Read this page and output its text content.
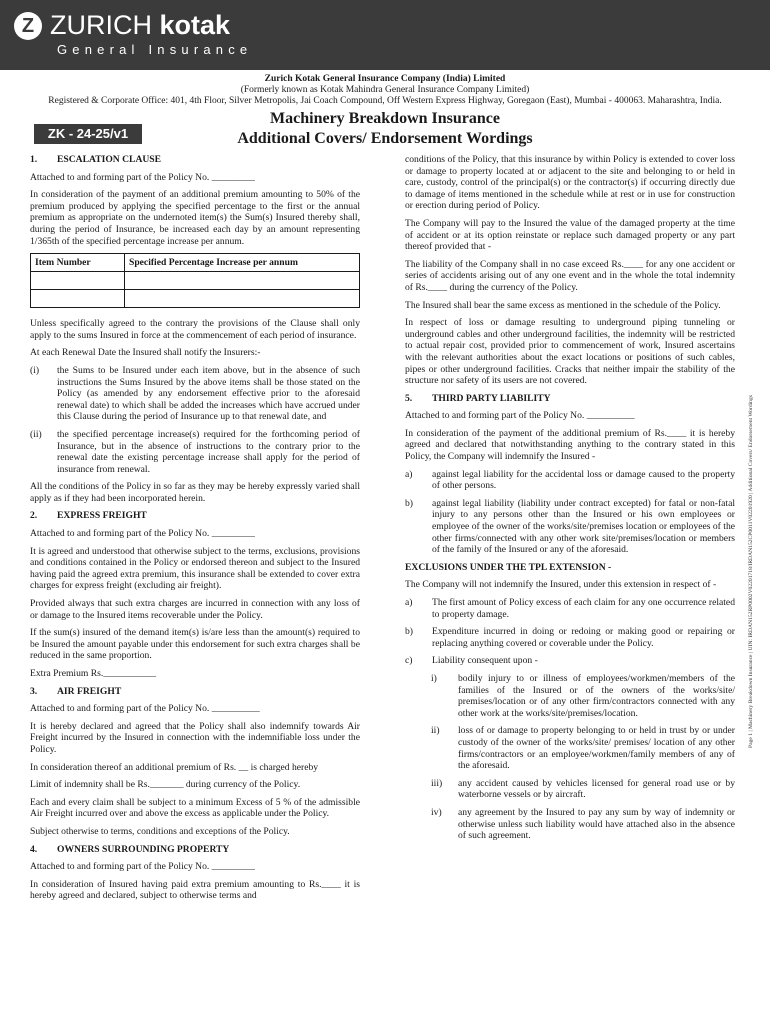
Z ZURICH kotak
General Insurance
Zurich Kotak General Insurance Company (India) Limited
(Formerly known as Kotak Mahindra General Insurance Company Limited)
Registered & Corporate Office: 401, 4th Floor, Silver Metropolis, Jai Coach Compound, Off Western Express Highway, Goregaon (East), Mumbai - 400063. Maharashtra, India.
Machinery Breakdown Insurance
Additional Covers/ Endorsement Wordings
ZK - 24-25/v1
1. ESCALATION CLAUSE

Attached to and forming part of the Policy No. _________

In consideration of the payment of an additional premium amounting to 50% of the premium produced by applying the specified percentage to the first or the annual premium as appropriate on the undernoted item(s) the Sum(s) Insured thereby shall, during the period of Insurance, be increased each day by an amount representing 1/365th of the specified percentage increase per annum.

Item Number	Specified Percentage Increase per annum

Unless specifically agreed to the contrary the provisions of the Clause shall only apply to the sums Insured in force at the commencement of each period of insurance.

At each Renewal Date the Insured shall notify the Insurers:-

(i)	the Sums to be Insured under each item above, but in the absence of such instructions the Sums Insured by the above items shall be those stated on the Policy (as amended by any endorsement effective prior to the aforesaid renewal date) to which shall be added the increases which have accrued under this Clause during the period of Insurance up to that renewal date, and
(ii)	the specified percentage increase(s) required for the forthcoming period of Insurance, but in the absence of instructions to the contrary prior to the renewal date the existing percentage increase shall apply for the period of insurance from renewal.

All the conditions of the Policy in so far as they may be hereby expressly varied shall apply as if they had been incorporated herein.

2. EXPRESS FREIGHT

Attached to and forming part of the Policy No. _________

It is agreed and understood that otherwise subject to the terms, exclusions, provisions and conditions contained in the Policy or endorsed thereon and subject to the Insured having paid the agreed extra premium, this insurance shall be extended to cover extra charges for express freight (excluding air freight).

Provided always that such extra charges are incurred in connection with any loss of or damage to the Insured items recoverable under the Policy.

If the sum(s) insured of the demand item(s) is/are less than the amount(s) required to be Insured the amount payable under this endorsement for such extra charges shall be reduced in the same proportion.

Extra Premium Rs.___________

3. AIR FREIGHT

Attached to and forming part of the Policy No. __________

It is hereby declared and agreed that the Policy shall also indemnify towards Air Freight incurred by the Insured in connection with the indemnifiable loss under the Policy.

In consideration thereof an additional premium of Rs. __ is charged hereby

Limit of indemnity shall be Rs._______ during currency of the Policy.

Each and every claim shall be subject to a minimum Excess of 5 % of the admissible Air Freight incurred over and above the excess as applicable under the Policy.

Subject otherwise to terms, conditions and exceptions of the Policy.

4. OWNERS SURROUNDING PROPERTY

Attached to and forming part of the Policy No. _________

In consideration of Insured having paid extra premium amounting to Rs.____ it is hereby agreed and declared, subject to otherwise terms and

conditions of the Policy, that this insurance by within Policy is extended to cover loss or damage to property located at or adjacent to the site and belonging to or held in care, custody, control of the principal(s) or the contractor(s) if occurring directly due to damage of items mentioned in the schedule while at rest or in use for construction or erection during period of Policy.

The Company will pay to the Insured the value of the damaged property at the time of accident or at its option reinstate or replace such damaged property or any part thereof provided that -

The liability of the Company shall in no case exceed Rs.____ for any one accident or series of accidents arising out of any one event and in the whole the total indemnity of Rs.____ during the currency of the Policy.

The Insured shall bear the same excess as mentioned in the schedule of the Policy.

In respect of loss or damage resulting to underground piping tunneling or underground cables and other underground facilities, the indemnity will be restricted to actual repair cost, provided prior to commencement of work, Insured ascertains with the relevant authorities about the exact locations or positions of such cables, pipes or other underground facilities. Cracks that neither impair the stability of the structure nor safety of its users are not covered.

5. THIRD PARTY LIABILITY

Attached to and forming part of the Policy No. __________

In consideration of the payment of the additional premium of Rs.____ it is hereby agreed and declared that notwithstanding anything to the contrary stated in this Policy, the Company will indemnify the Insured -

a)	against legal liability for the accidental loss or damage caused to the property of other persons.
b)	against legal liability (liability under contract excepted) for fatal or non-fatal injury to any persons other than the Insured or his own employees or employee of the owner of the works/site/premises location or employees of the other firms/connected with any other work site/premises/location or members of the family of the Insured or any of the aforesaid.
EXCLUSIONS UNDER THE TPL EXTENSION -

The Company will not indemnify the Insured, under this extension in respect of -

a)	The first amount of Policy excess of each claim for any one occurrence related to property damage.
b)	Expenditure incurred in doing or redoing or making good or repairing or replacing anything covered or coverable under the Policy.
c)	Liability consequent upon -
i)	bodily injury to or illness of employees/workmen/members of the families of the Insured or of the owners of the works/site/ premises/location or of any other firm/contractors connected with any other work at the works/site/premises/location.
ii)	loss of or damage to property belonging to or held in trust by or under custody of the owner of the works/site/ premises/ location of any other firms/contractors or an employee/workmen/family members of any of the aforesaid.
iii)	any accident caused by vehicles licensed for general road use or by waterborne vessels or by aircraft.
iv)	any agreement by the Insured to pay any sum by way of indemnity or otherwise unless such liability would have attached also in the absence of such agreement.
Page 1 | Machinery Breakdown Insurance | UIN: IRDAN152RP0002V02201718/IRDAN152CP0011V02201920 | Additional Covers/ Endorsement Wordings
